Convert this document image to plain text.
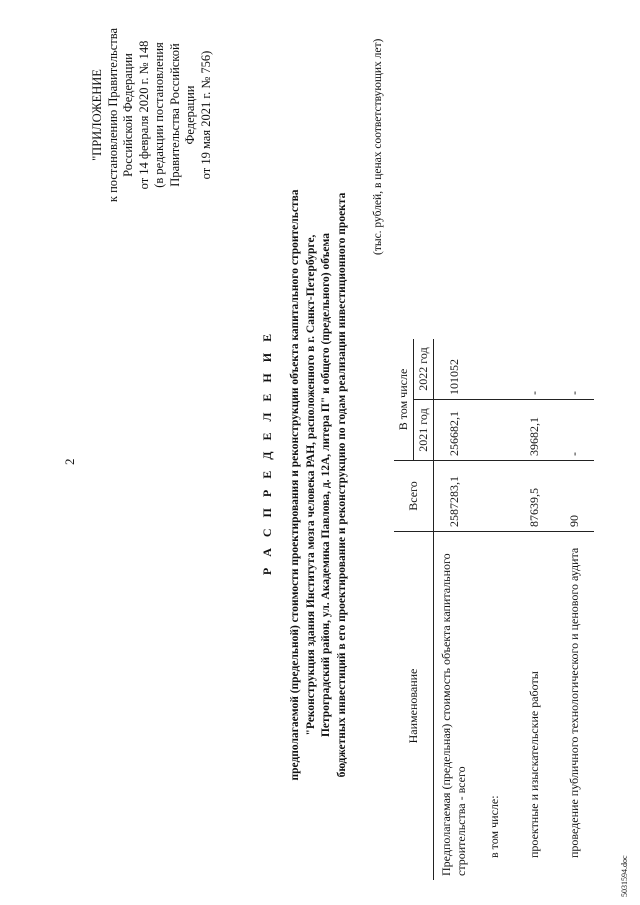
2
"ПРИЛОЖЕНИЕ к постановлению Правительства Российской Федерации от 14 февраля 2020 г. № 148 (в редакции постановления Правительства Российской Федерации от 19 мая 2021 г. № 756)
Р А С П Р Е Д Е Л Е Н И Е предполагаемой (предельной) стоимости проектирования и реконструкции объекта капитального строительства "Реконструкция здания Института мозга человека РАН, расположенного в г. Санкт-Петербурге, Петроградский район, ул. Академика Павлова, д. 12А, литера П" и общего (предельного) объема бюджетных инвестиций в его проектирование и реконструкцию по годам реализации инвестиционного проекта
(тыс. рублей, в ценах соответствующих лет)
Наименование	Всего	В том числе	
		2021 год	2022 год
Предполагаемая (предельная) стоимость объекта капитального строительства - всего	2587283,1	256682,1	101052
в том числе:			
проектные и изыскательские работы	87639,5	39682,1	-
проведение публичного технологического и ценового аудита	90	-	-
5031594.doc
